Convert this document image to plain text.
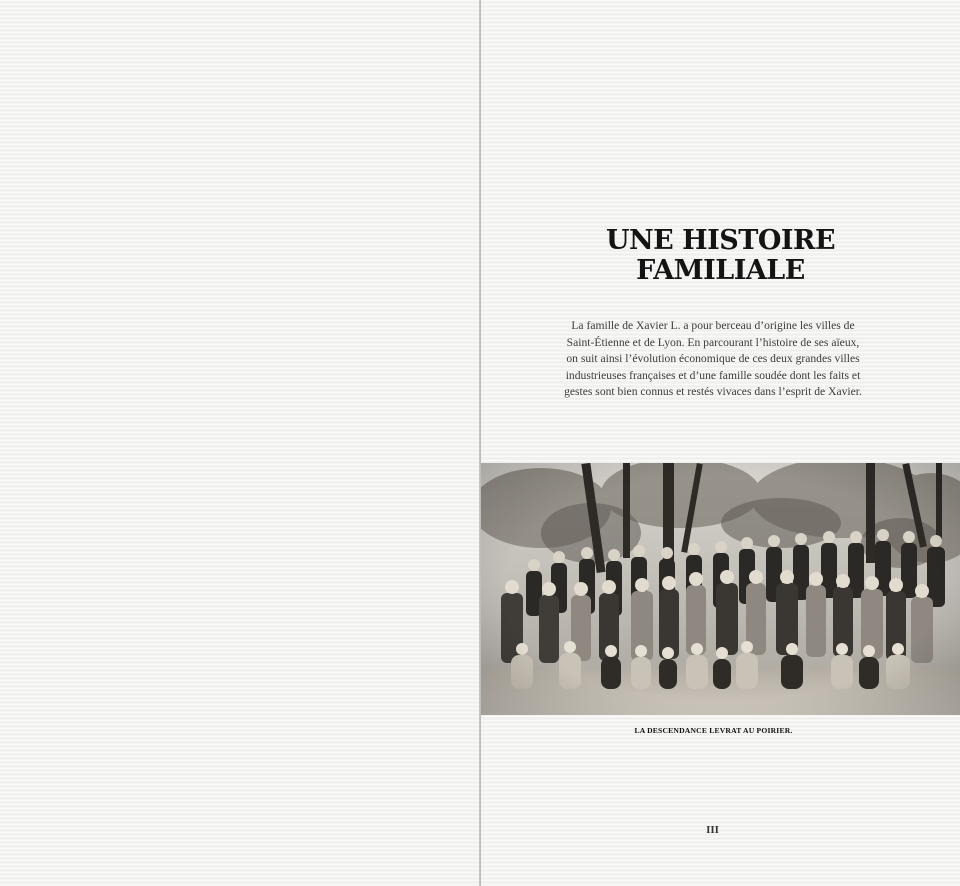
UNE HISTOIRE
FAMILIALE

La famille de Xavier L. a pour berceau d’origine les villes de
Saint-Étienne et de Lyon. En parcourant l’histoire de ses aïeux,
on suit ainsi l’évolution économique de ces deux grandes villes
industrieuses françaises et d’une famille soudée dont les faits et
gestes sont bien connus et restés vivaces dans l’esprit de Xavier.

LA DESCENDANCE LEVRAT AU POIRIER.
III
